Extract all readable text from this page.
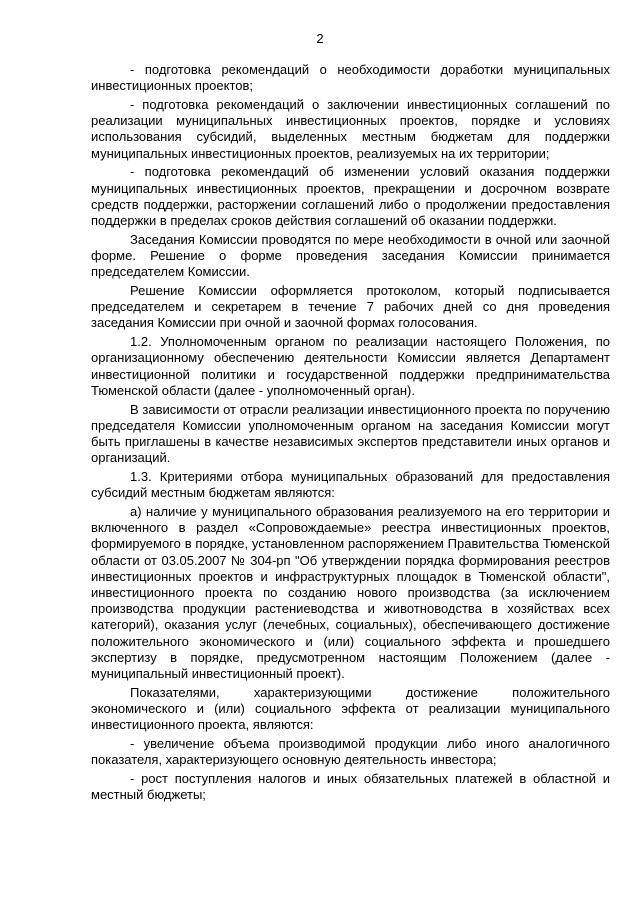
2

- подготовка рекомендаций о необходимости доработки муниципальных инвестиционных проектов;

- подготовка рекомендаций о заключении инвестиционных соглашений по реализации муниципальных инвестиционных проектов, порядке и условиях использования субсидий, выделенных местным бюджетам для поддержки муниципальных инвестиционных проектов, реализуемых на их территории;

- подготовка рекомендаций об изменении условий оказания поддержки муниципальных инвестиционных проектов, прекращении и досрочном возврате средств поддержки, расторжении соглашений либо о продолжении предоставления поддержки в пределах сроков действия соглашений об оказании поддержки.

Заседания Комиссии проводятся по мере необходимости в очной или заочной форме. Решение о форме проведения заседания Комиссии принимается председателем Комиссии.

Решение Комиссии оформляется протоколом, который подписывается председателем и секретарем в течение 7 рабочих дней со дня проведения заседания Комиссии при очной и заочной формах голосования.

1.2. Уполномоченным органом по реализации настоящего Положения, по организационному обеспечению деятельности Комиссии является Департамент инвестиционной политики и государственной поддержки предпринимательства Тюменской области (далее - уполномоченный орган).

В зависимости от отрасли реализации инвестиционного проекта по поручению председателя Комиссии уполномоченным органом на заседания Комиссии могут быть приглашены в качестве независимых экспертов представители иных органов и организаций.

1.3. Критериями отбора муниципальных образований для предоставления субсидий местным бюджетам являются:

а) наличие у муниципального образования реализуемого на его территории и включенного в раздел «Сопровождаемые» реестра инвестиционных проектов, формируемого в порядке, установленном распоряжением Правительства Тюменской области от 03.05.2007 № 304-рп "Об утверждении порядка формирования реестров инвестиционных проектов и инфраструктурных площадок в Тюменской области", инвестиционного проекта по созданию нового производства (за исключением производства продукции растениеводства и животноводства в хозяйствах всех категорий), оказания услуг (лечебных, социальных), обеспечивающего достижение положительного экономического и (или) социального эффекта и прошедшего экспертизу в порядке, предусмотренном настоящим Положением (далее - муниципальный инвестиционный проект).

Показателями, характеризующими достижение положительного экономического и (или) социального эффекта от реализации муниципального инвестиционного проекта, являются:

- увеличение объема производимой продукции либо иного аналогичного показателя, характеризующего основную деятельность инвестора;

- рост поступления налогов и иных обязательных платежей в областной и местный бюджеты;
